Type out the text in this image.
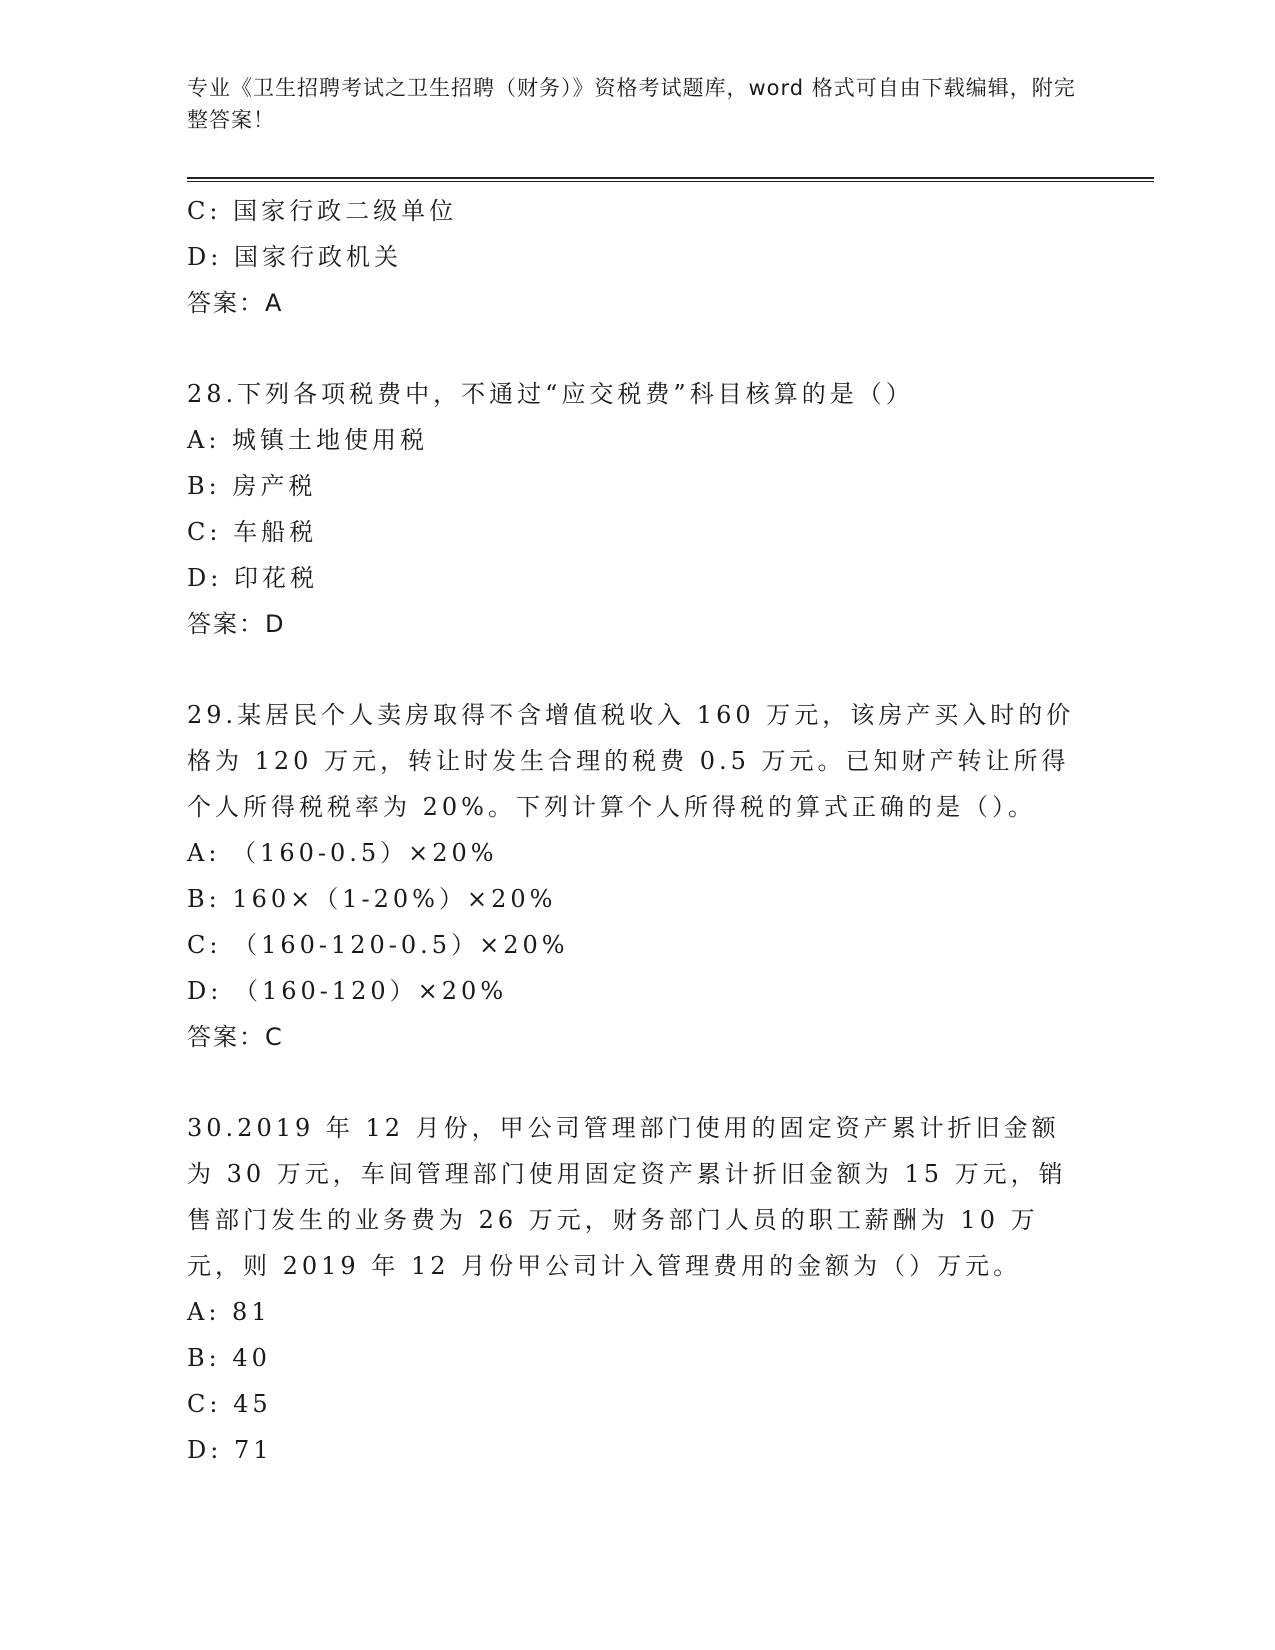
专业《卫生招聘考试之卫生招聘（财务）》资格考试题库，word 格式可自由下载编辑，附完整答案！
C: 国家行政二级单位
D: 国家行政机关
答案：A
28.下列各项税费中，不通过“应交税费”科目核算的是（）
A: 城镇土地使用税
B: 房产税
C: 车船税
D: 印花税
答案：D
29.某居民个人卖房取得不含增值税收入 160 万元，该房产买入时的价格为 120 万元，转让时发生合理的税费 0.5 万元。已知财产转让所得个人所得税税率为 20%。下列计算个人所得税的算式正确的是（）。
A: （160-0.5）×20%
B: 160×（1-20%）×20%
C: （160-120-0.5）×20%
D: （160-120）×20%
答案：C
30.2019 年 12 月份，甲公司管理部门使用的固定资产累计折旧金额为 30 万元，车间管理部门使用固定资产累计折旧金额为 15 万元，销售部门发生的业务费为 26 万元，财务部门人员的职工薪酬为 10 万元，则 2019 年 12 月份甲公司计入管理费用的金额为（）万元。
A: 81
B: 40
C: 45
D: 71
